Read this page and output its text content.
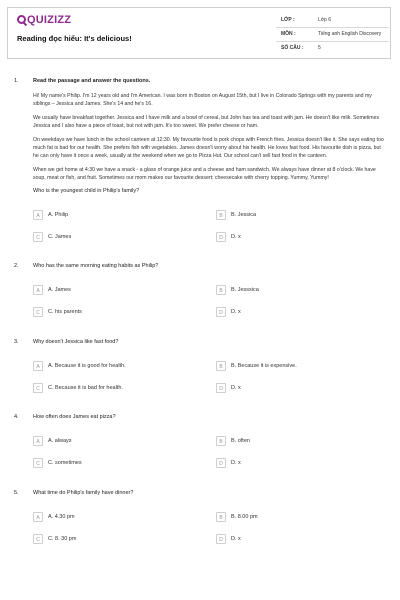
QUIZIZZ
Reading đọc hiểu: It's delicious!
LỚP :	Lớp 6
MÔN :	Tiếng anh English Discovery
SỐ CÂU :	5
1.	Read the passage and answer the questions.
Hi! My name's Philip. I'm 12 years old and I'm American. I was born in Boston on August 15th, but I live in Colorado Springs with my parents and my siblings – Jessica and James. She's 14 and he's 16.
We usually have breakfast together. Jessica and I have milk and a bowl of cereal, but John has tea and toast with jam. He doesn't like milk. Sometimes Jessica and I also have a piece of toast, but not with jam. It's too sweet. We prefer cheese or ham.
On weekdays we have lunch in the school canteen at 12:30. My favourite food is pork chops with French fries. Jessica doesn't like it. She says eating too much fat is bad for our health. She prefers fish with vegetables. James doesn't worry about his health. He loves fast food. His favourite dish is pizza, but he can only have it once a week, usually at the weekend when we go to Pizza Hut. Our school can't sell fast food in the canteen.
When we get home at 4:30 we have a snack - a glass of orange juice and a cheese and ham sandwich. We always have dinner at 8 o'clock. We have soup, meat or fish, and fruit. Sometimes our mom makes our favourite dessert: cheesecake with cherry topping. Yummy, Yummy!
Who is the youngest child in Philip's family?
A A. Philip	B B. Jessica
C C. James	D D. x
2.	Who has the same morning eating habits as Philip?
A A. James	B B. Jesssica
C C. his parents	D D. x
3.	Why doesn't Jessica like fast food?
A A. Because it is good for health.	B B. Because it is expensive.
C C. Because it is bad for health.	D D. x
4.	How often does James eat pizza?
A A. always	B B. often
C C. sometimes	D D. x
5.	What time do Philip's family have dinner?
A A. 4.30 pm	B B. 8.00 pm
C C. 8. 30 pm	D D. x
